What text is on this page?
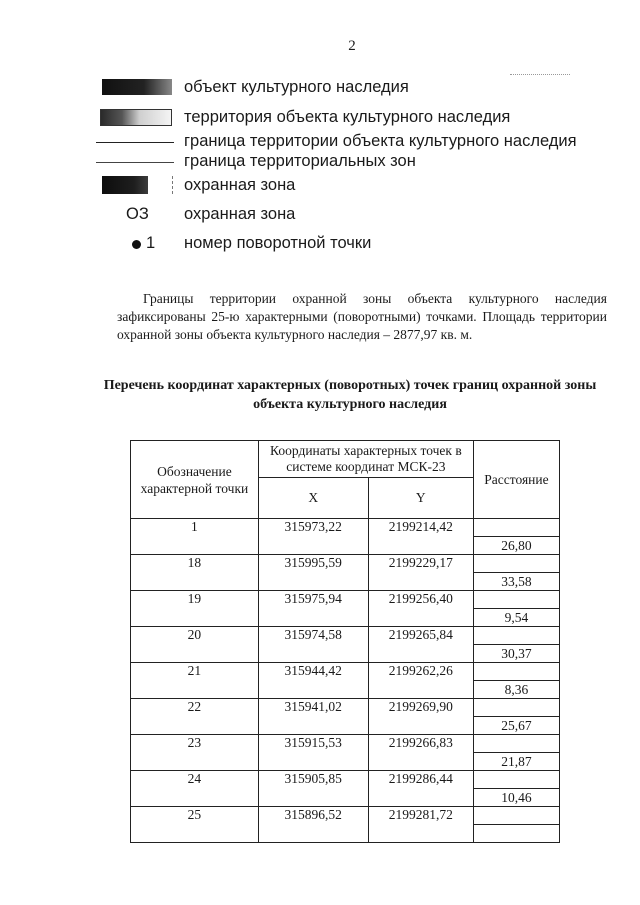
2
объект культурного наследия
территория объекта культурного наследия
граница территории объекта культурного наследия
граница территориальных зон
охранная зона
ОЗ охранная зона
1 номер поворотной точки
Границы территории охранной зоны объекта культурного наследия зафиксированы 25-ю характерными (поворотными) точками. Площадь территории охранной зоны объекта культурного наследия – 2877,97 кв. м.
Перечень координат характерных (поворотных) точек границ охранной зоны объекта культурного наследия
Обозначение характерной точки	Координаты характерных точек в системе координат МСК-23		Расстояние
	X	Y	
1	315973,22	2199214,42	
			26,80
18	315995,59	2199229,17	
			33,58
19	315975,94	2199256,40	
			9,54
20	315974,58	2199265,84	
			30,37
21	315944,42	2199262,26	
			8,36
22	315941,02	2199269,90	
			25,67
23	315915,53	2199266,83	
			21,87
24	315905,85	2199286,44	
			10,46
25	315896,52	2199281,72	
